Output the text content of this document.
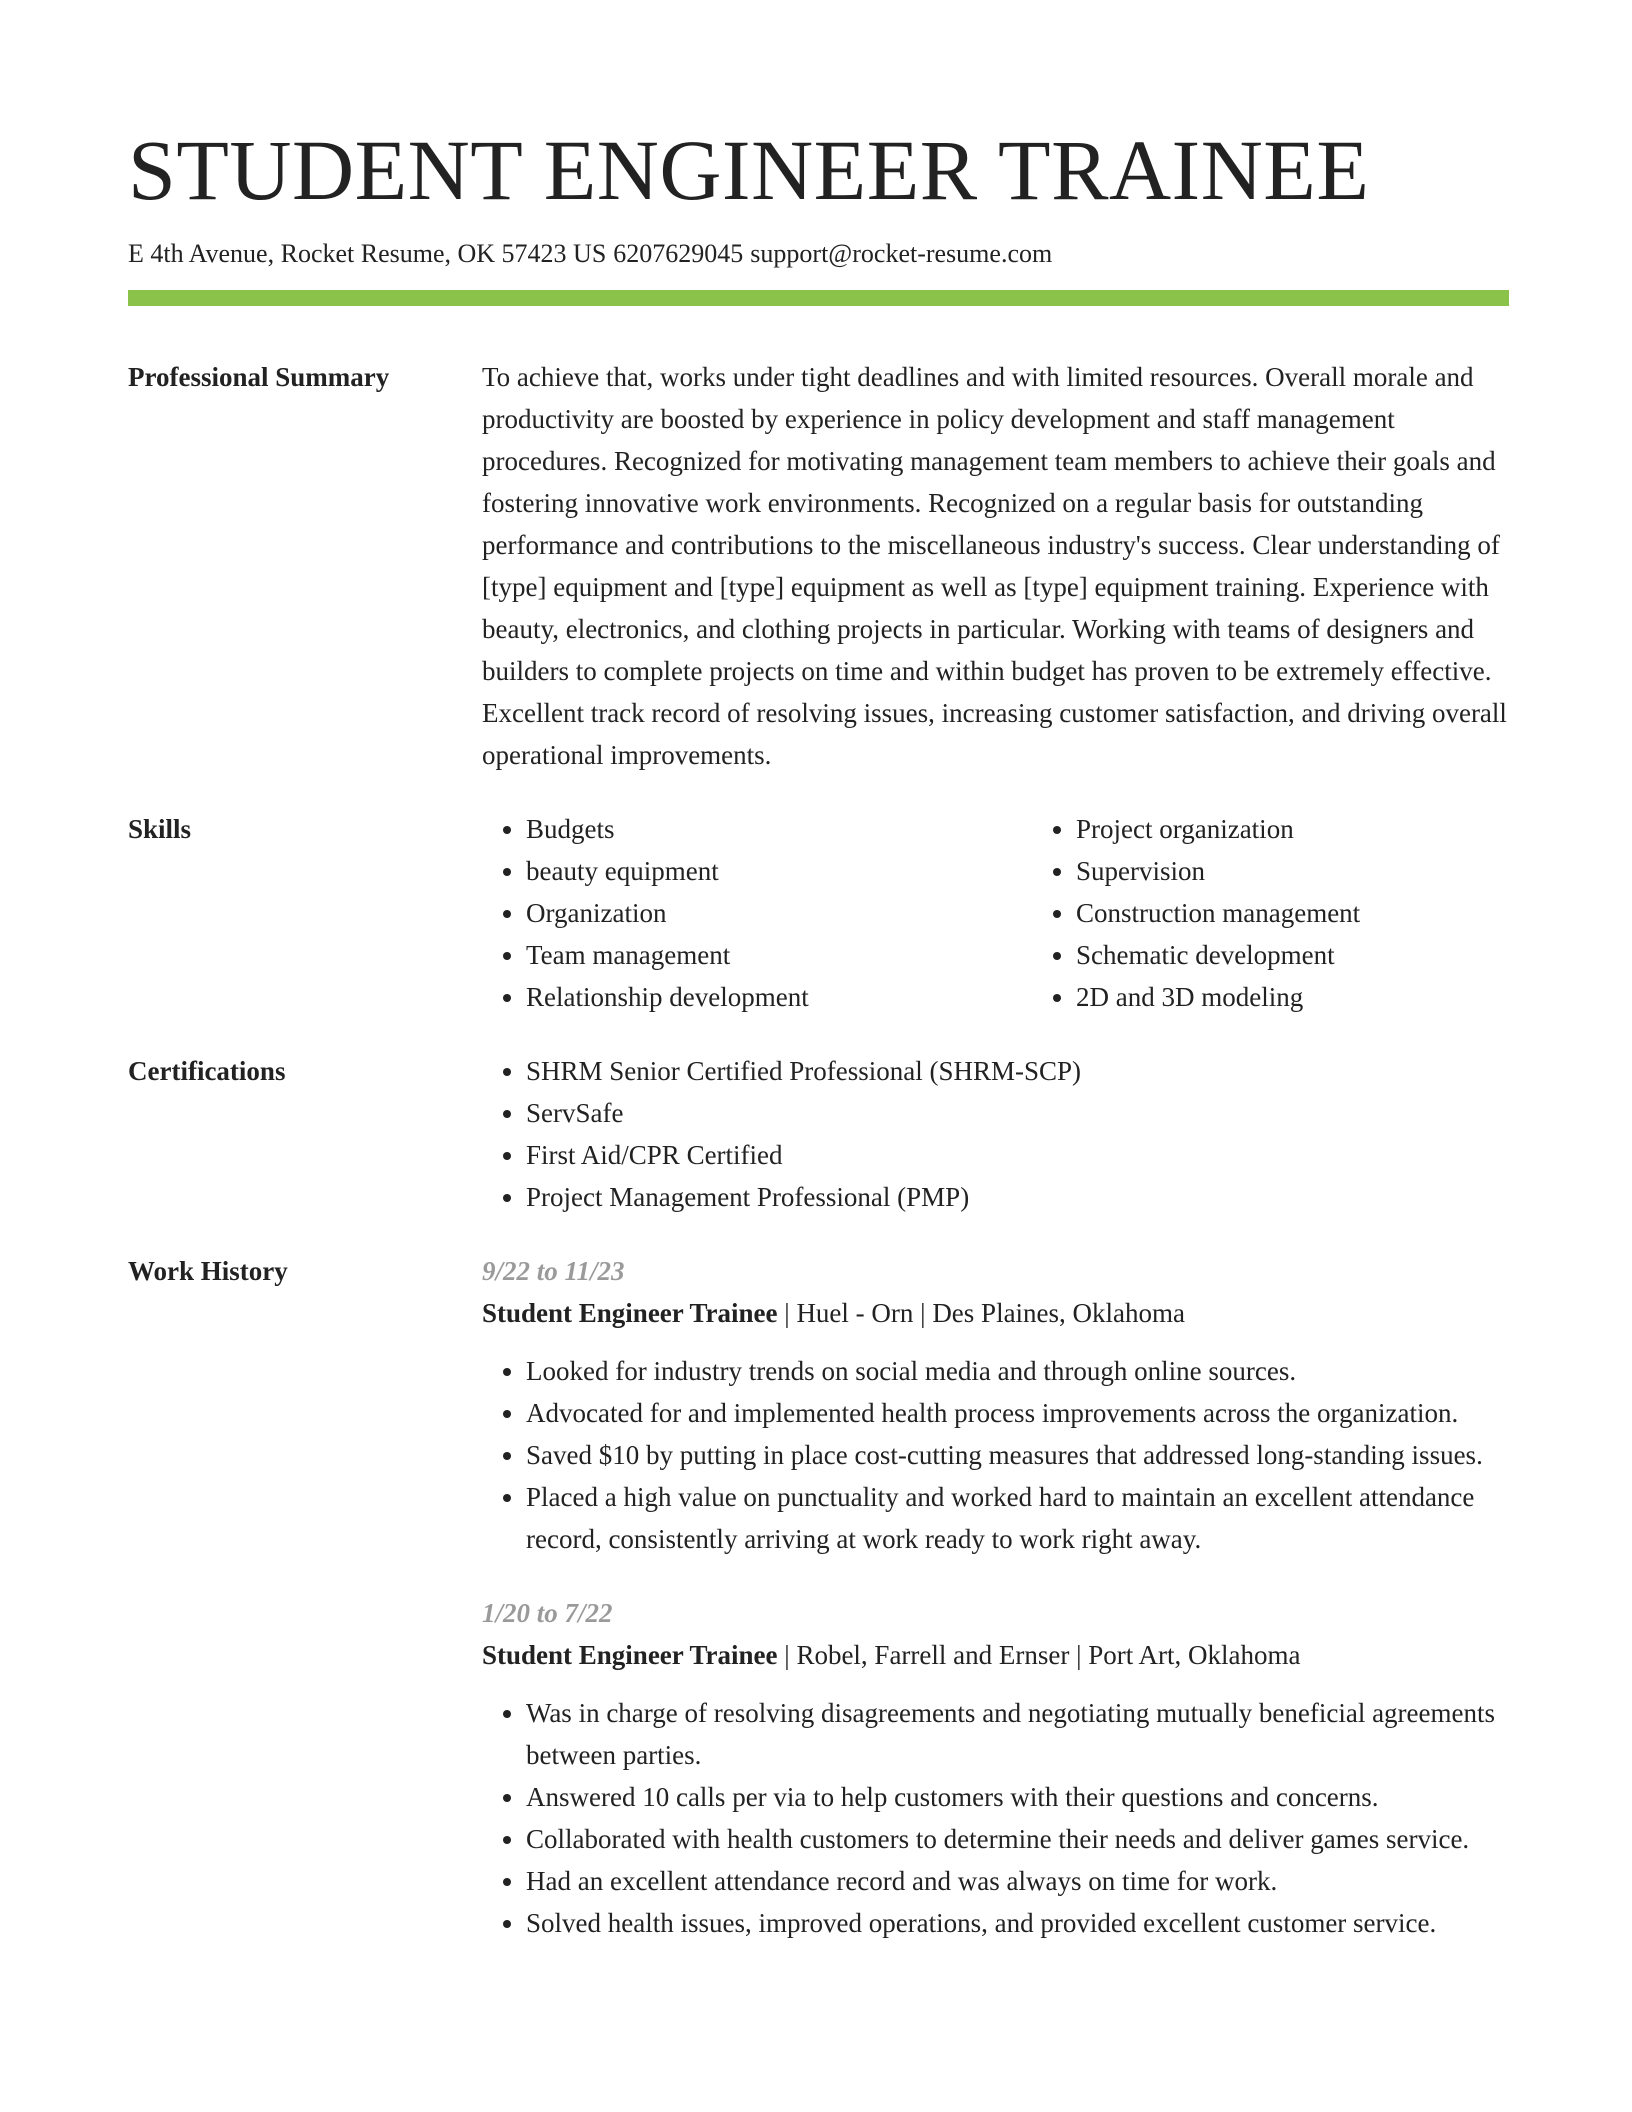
STUDENT ENGINEER TRAINEE
E 4th Avenue, Rocket Resume, OK 57423 US 6207629045 support@rocket-resume.com
Professional Summary	To achieve that, works under tight deadlines and with limited resources. Overall morale and productivity are boosted by experience in policy development and staff management procedures. Recognized for motivating management team members to achieve their goals and fostering innovative work environments. Recognized on a regular basis for outstanding performance and contributions to the miscellaneous industry's success. Clear understanding of [type] equipment and [type] equipment as well as [type] equipment training. Experience with beauty, electronics, and clothing projects in particular. Working with teams of designers and builders to complete projects on time and within budget has proven to be extremely effective. Excellent track record of resolving issues, increasing customer satisfaction, and driving overall operational improvements.
Skills	• Budgets
• beauty equipment
• Organization
• Team management
• Relationship development
• Project organization
• Supervision
• Construction management
• Schematic development
• 2D and 3D modeling
Certifications	• SHRM Senior Certified Professional (SHRM-SCP)
• ServSafe
• First Aid/CPR Certified
• Project Management Professional (PMP)
Work History	9/22 to 11/23
Student Engineer Trainee | Huel - Orn | Des Plaines, Oklahoma
• Looked for industry trends on social media and through online sources.
• Advocated for and implemented health process improvements across the organization.
• Saved $10 by putting in place cost-cutting measures that addressed long-standing issues.
• Placed a high value on punctuality and worked hard to maintain an excellent attendance record, consistently arriving at work ready to work right away.
1/20 to 7/22
Student Engineer Trainee | Robel, Farrell and Ernser | Port Art, Oklahoma
• Was in charge of resolving disagreements and negotiating mutually beneficial agreements between parties.
• Answered 10 calls per via to help customers with their questions and concerns.
• Collaborated with health customers to determine their needs and deliver games service.
• Had an excellent attendance record and was always on time for work.
• Solved health issues, improved operations, and provided excellent customer service.
